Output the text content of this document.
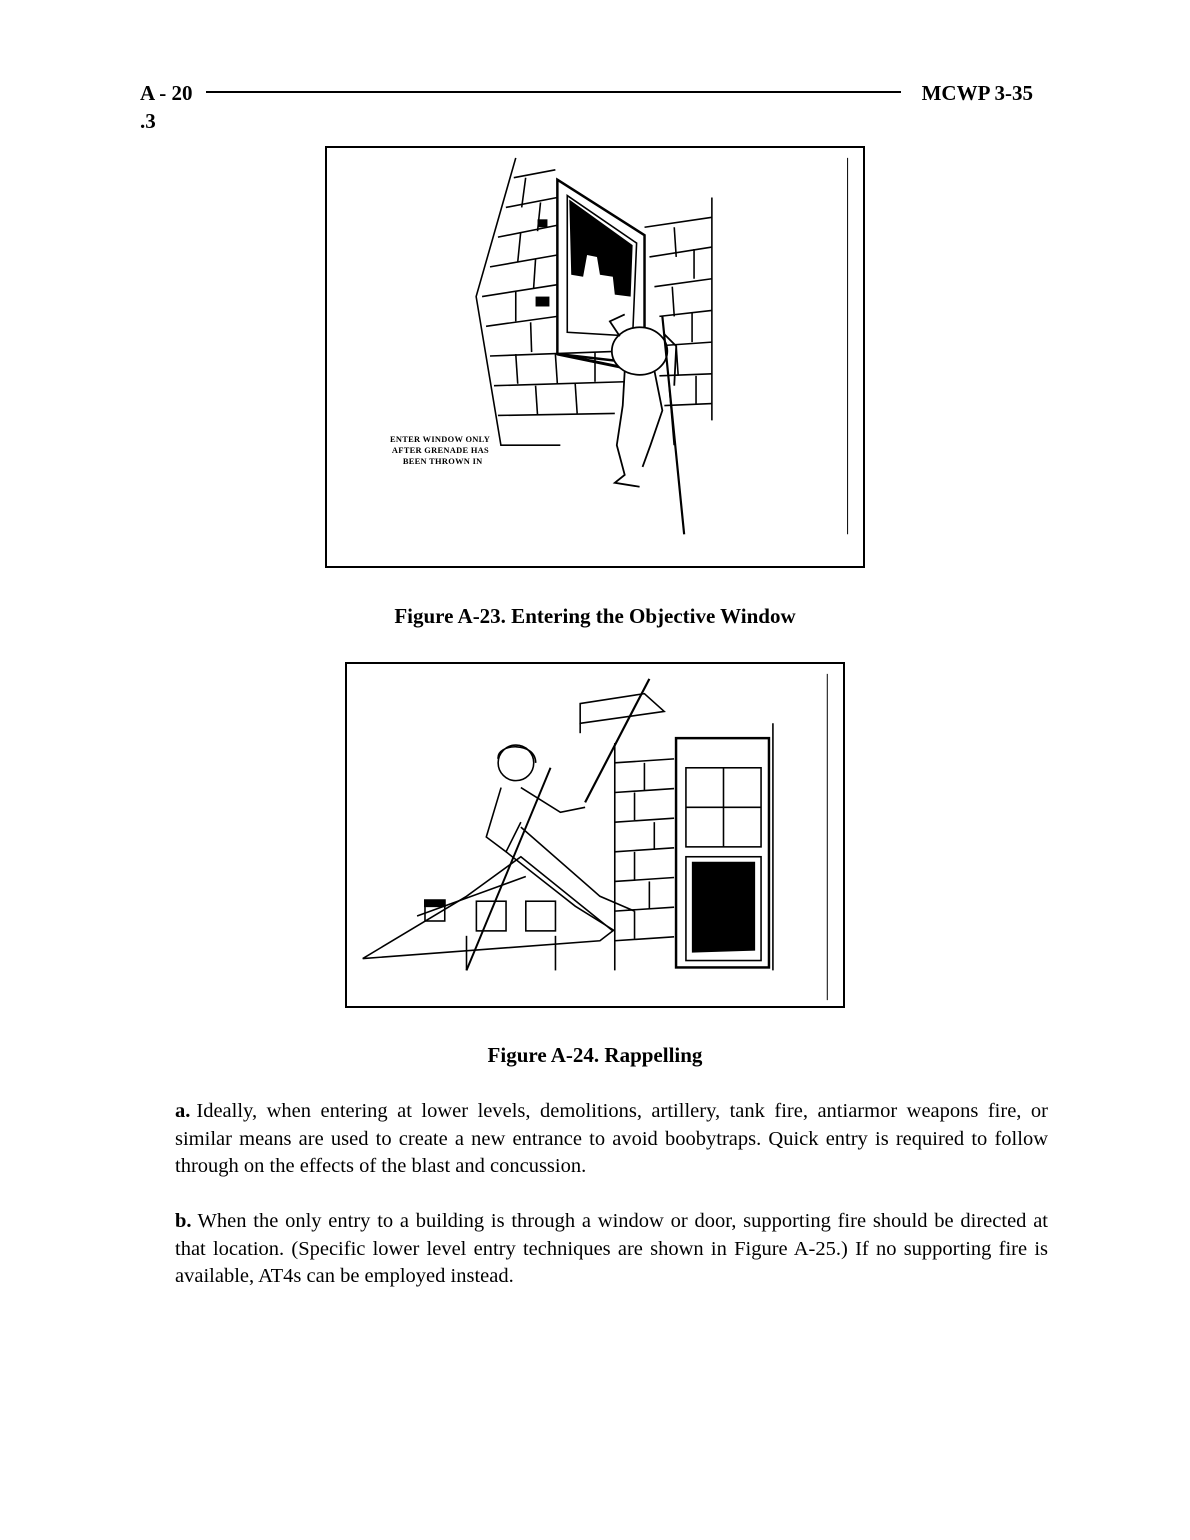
A - 20	MCWP 3-35
.3
ENTER WINDOW ONLY
AFTER GRENADE HAS
BEEN THROWN IN
Figure A-23. Entering the Objective Window
Figure A-24. Rappelling

a. Ideally, when entering at lower levels, demolitions, artillery, tank fire, antiarmor weapons fire, or similar means are used to create a new entrance to avoid boobytraps. Quick entry is required to follow through on the effects of the blast and concussion.

b. When the only entry to a building is through a window or door, supporting fire should be directed at that location. (Specific lower level entry techniques are shown in Figure A-25.) If no supporting fire is available, AT4s can be employed instead.
